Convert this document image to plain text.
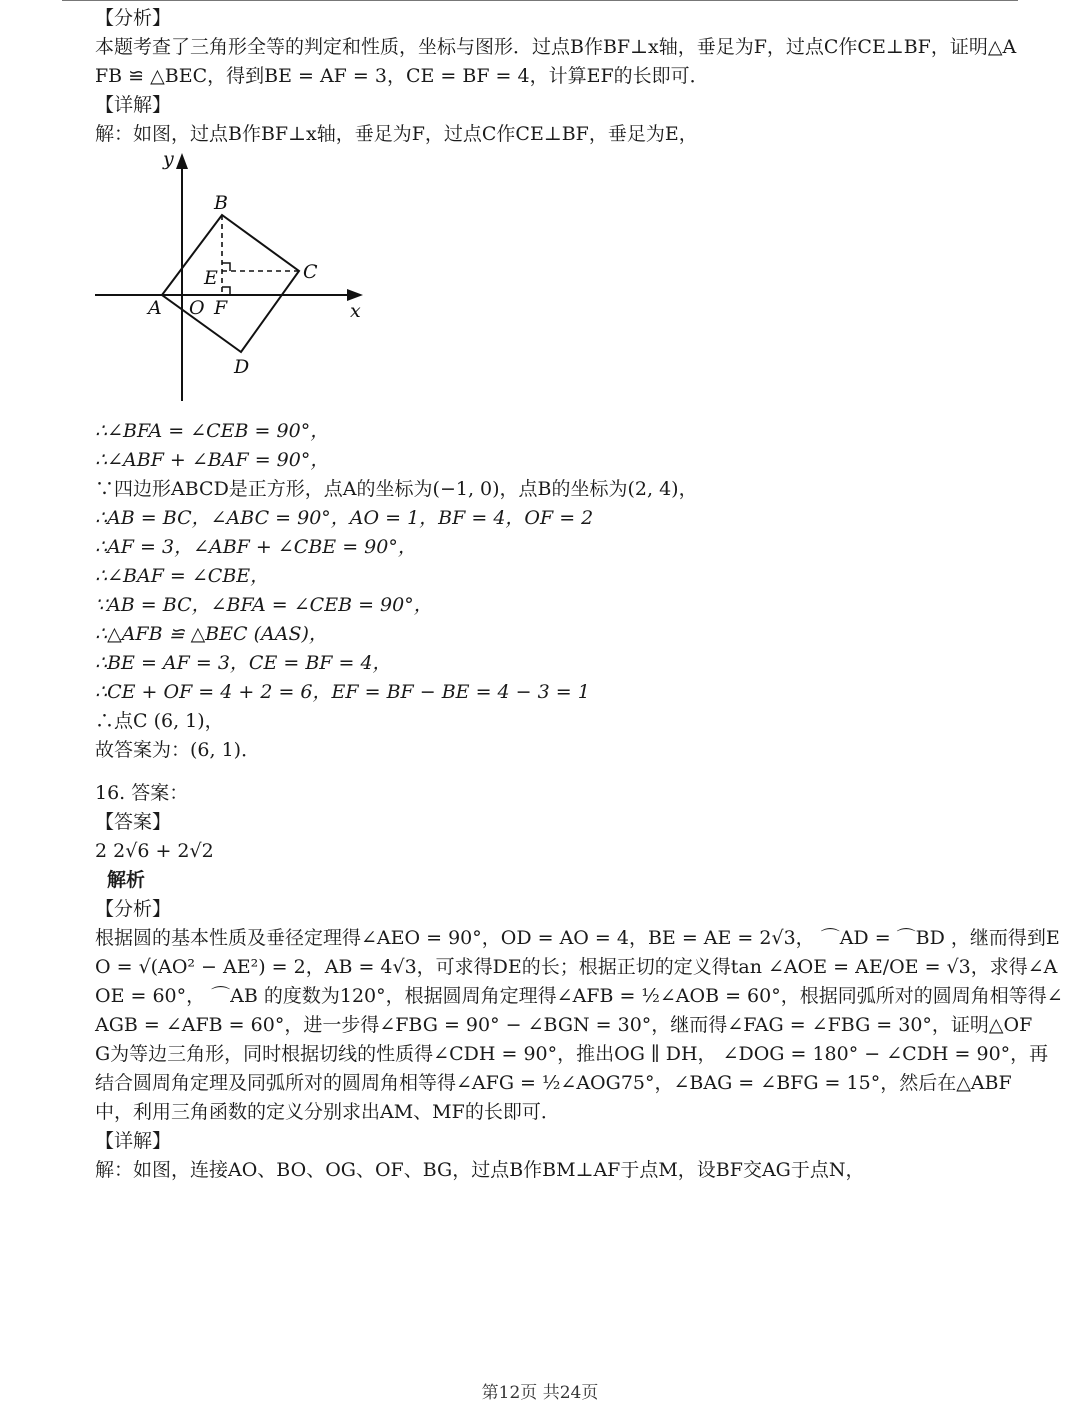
【分析】
本题考查了三角形全等的判定和性质，坐标与图形．过点B作BF⊥x轴，垂足为F，过点C作CE⊥BF，证明△A
FB ≌ △BEC，得到BE = AF = 3，CE = BF = 4，计算EF的长即可．
【详解】
解：如图，过点B作BF⊥x轴，垂足为F，过点C作CE⊥BF，垂足为E，
y
x
B
C
E
A O F
D
∴∠BFA = ∠CEB = 90°，
∴∠ABF + ∠BAF = 90°，
∵四边形ABCD是正方形，点A的坐标为(−1, 0)，点B的坐标为(2, 4)，
∴AB = BC，∠ABC = 90°，AO = 1，BF = 4，OF = 2
∴AF = 3，∠ABF + ∠CBE = 90°，
∴∠BAF = ∠CBE，
∵AB = BC，∠BFA = ∠CEB = 90°，
∴△AFB ≌ △BEC (AAS)，
∴BE = AF = 3，CE = BF = 4，
∴CE + OF = 4 + 2 = 6，EF = BF − BE = 4 − 3 = 1
∴点C (6, 1)，
故答案为：(6, 1)．
16. 答案：
【答案】
2 2√6 + 2√2
解析
【分析】
根据圆的基本性质及垂径定理得∠AEO = 90°，OD = AO = 4，BE = AE = 2√3， ⌒AD = ⌒BD ，继而得到E
O = √(AO² − AE²) = 2，AB = 4√3，可求得DE的长；根据正切的定义得tan ∠AOE = AE/OE = √3，求得∠A
OE = 60°， ⌒AB 的度数为120°，根据圆周角定理得∠AFB = ½∠AOB = 60°，根据同弧所对的圆周角相等得∠
AGB = ∠AFB = 60°，进一步得∠FBG = 90° − ∠BGN = 30°，继而得∠FAG = ∠FBG = 30°，证明△OF
G为等边三角形，同时根据切线的性质得∠CDH = 90°，推出OG ∥ DH， ∠DOG = 180° − ∠CDH = 90°，再
结合圆周角定理及同弧所对的圆周角相等得∠AFG = ½∠AOG75°，∠BAG = ∠BFG = 15°，然后在△ABF
中，利用三角函数的定义分别求出AM、MF的长即可．
【详解】
解：如图，连接AO、BO、OG、OF、BG，过点B作BM⊥AF于点M，设BF交AG于点N，
第12页 共24页
